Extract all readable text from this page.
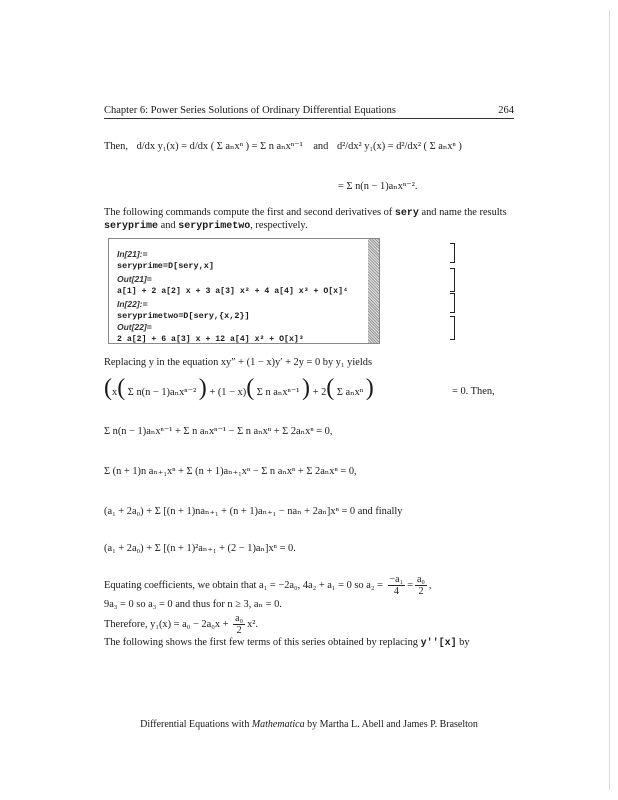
Chapter 6: Power Series Solutions of Ordinary Differential Equations	264
Then, d/dx y₁(x) = d/dx ( Σ aₙxⁿ ) = Σ n aₙxⁿ⁻¹ and d²/dx² y₁(x) = d²/dx² ( Σ aₙxⁿ )
= Σ n(n − 1)aₙxⁿ⁻².
The following commands compute the first and second derivatives of sery and name the results
seryprime and seryprimetwo, respectively.
In[21]:=
seryprime=D[sery,x]
Out[21]=
a[1] + 2 a[2] x + 3 a[3] x² + 4 a[4] x³ + O[x]⁴
In[22]:=
seryprimetwo=D[sery,{x,2}]
Out[22]=
2 a[2] + 6 a[3] x + 12 a[4] x² + O[x]³
Replacing y in the equation xy″ + (1 − x)y′ + 2y = 0 by y₁ yields
(x( Σ n(n − 1)aₙxⁿ⁻² ) + (1 − x)( Σ n aₙxⁿ⁻¹ ) + 2( Σ aₙxⁿ )	= 0. Then,
Σ n(n − 1)aₙxⁿ⁻¹ + Σ n aₙxⁿ⁻¹ − Σ n aₙxⁿ + Σ 2aₙxⁿ = 0,
Σ (n + 1)n aₙ₊₁xⁿ + Σ (n + 1)aₙ₊₁xⁿ − Σ n aₙxⁿ + Σ 2aₙxⁿ = 0,
(a₁ + 2a₀) + Σ [(n + 1)naₙ₊₁ + (n + 1)aₙ₊₁ − naₙ + 2aₙ]xⁿ = 0 and finally
(a₁ + 2a₀) + Σ [(n + 1)²aₙ₊₁ + (2 − 1)aₙ]xⁿ = 0.
Equating coefficients, we obtain that a₁ = −2a₀, 4a₂ + a₁ = 0 so $a_2 = \frac{\text{−a₁}}{4} = \frac{\text{a₀}}{2}$ ,
9a₃ = 0 so a₃ = 0 and thus for n ≥ 3, aₙ = 0.
Therefore, $y_1(x) = a_0 - 2a_0x + \frac{\text{a₀}}{2} x^2$.
The following shows the first few terms of this series obtained by replacing y''[x] by
Differential Equations with Mathematica by Martha L. Abell and James P. Braselton
